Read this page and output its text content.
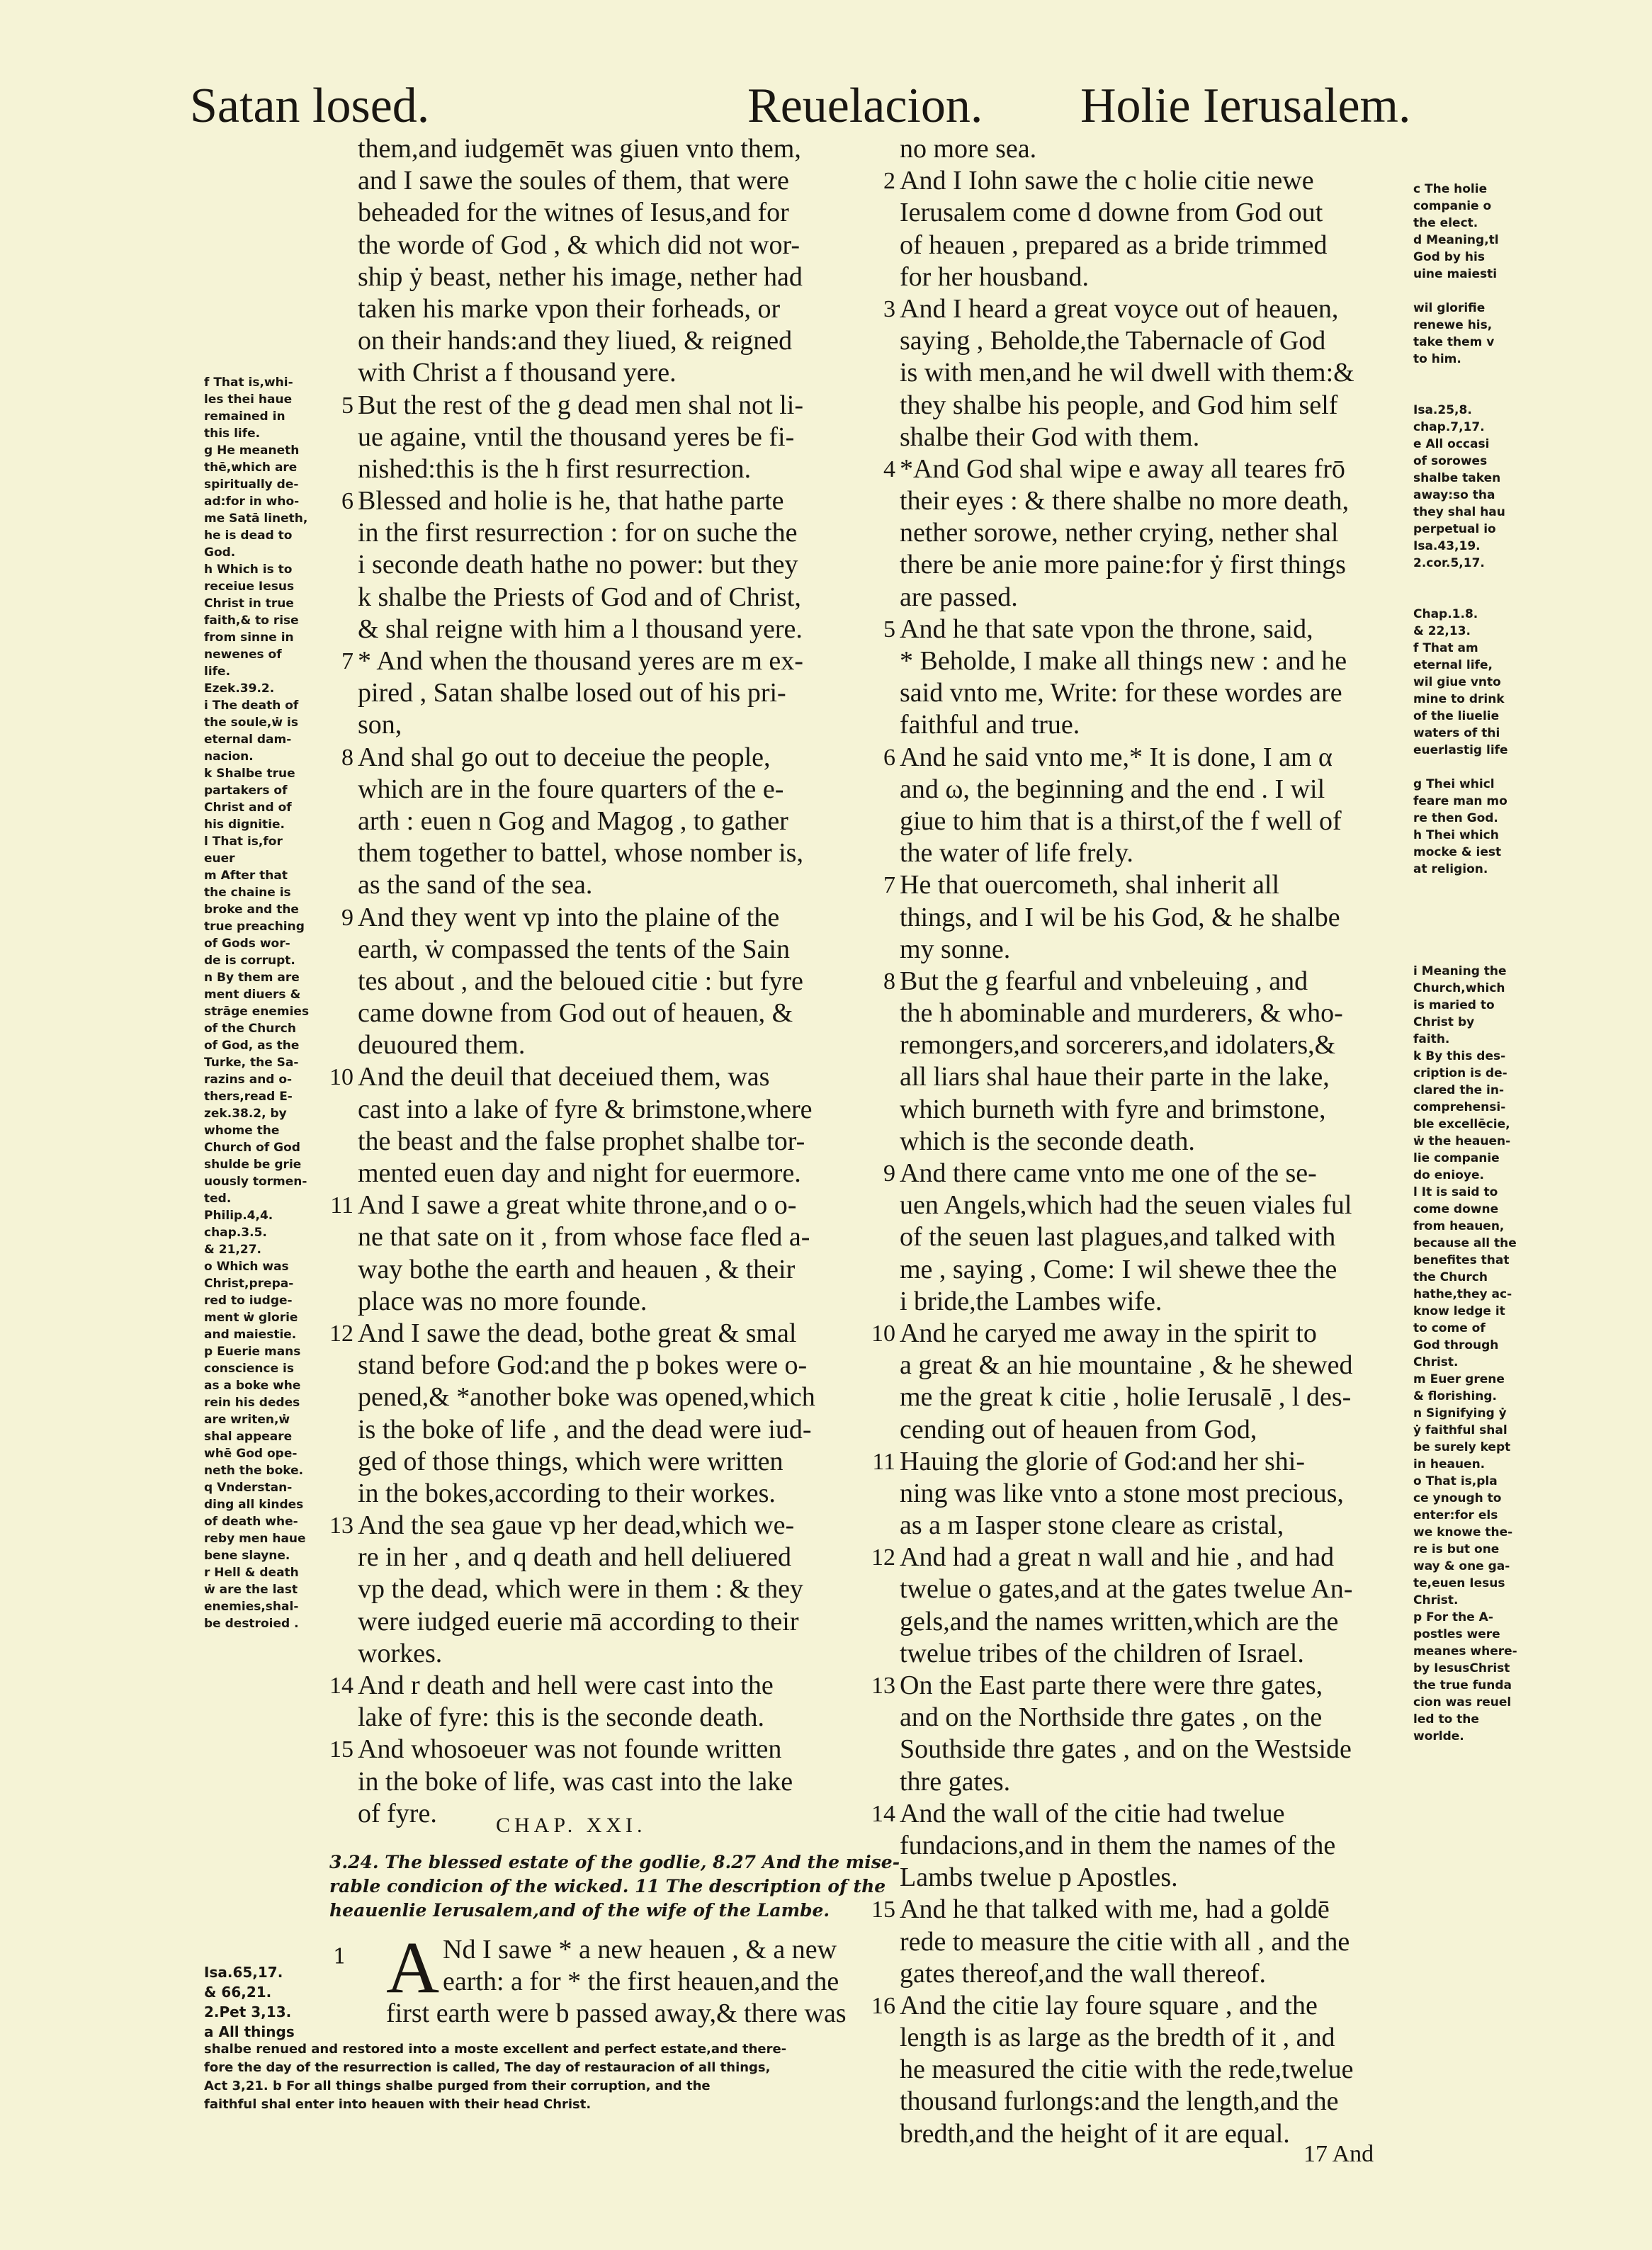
Satan losed.	Reuelacion. Holie Ierusalem.
f That is,whi-
les thei haue
remained in
this life.
g He meaneth
thē,which are
spiritually de-
ad:for in who-
me Satā lineth,
he is dead to
God.
h Which is to
receiue Iesus
Christ in true
faith,& to rise
from sinne in
newenes of
life.
Ezek.39.2.
i The death of
the soule,ẇ is
eternal dam-
nacion.
k Shalbe true
partakers of
Christ and of
his dignitie.
l That is,for
euer
m After that
the chaine is
broke and the
true preaching
of Gods wor-
de is corrupt.
n By them are
ment diuers &
strāge enemies
of the Church
of God, as the
Turke, the Sa-
razins and o-
thers,read E-
zek.38.2, by
whome the
Church of God
shulde be grie
uously tormen-
ted.
Philip.4,4.
chap.3.5.
& 21,27.
o Which was
Christ,prepa-
red to iudge-
ment ẇ glorie
and maiestie.
p Euerie mans
conscience is
as a boke whe
rein his dedes
are writen,ẇ
shal appeare
whē God ope-
neth the boke.
q Vnderstan-
ding all kindes
of death whe-
reby men haue
bene slayne.
r Hell & death
ẇ are the last
enemies,shal-
be destroied .
them,and iudgemēt was giuen vnto them,
and I sawe the soules of them, that were
beheaded for the witnes of Iesus,and for
the worde of God , & which did not wor-
ship ẏ beast, nether his image, nether had
taken his marke vpon their forheads, or
on their hands:and they liued, & reigned
with Christ a f thousand yere.
5 But the rest of the g dead men shal not li-
ue againe, vntil the thousand yeres be fi-
nished:this is the h first resurrection.
6 Blessed and holie is he, that hathe parte
in the first resurrection : for on suche the
i seconde death hathe no power: but they
k shalbe the Priests of God and of Christ,
& shal reigne with him a l thousand yere.
7 * And when the thousand yeres are m ex-
pired , Satan shalbe losed out of his pri-
son,
8 And shal go out to deceiue the people,
which are in the foure quarters of the e-
arth : euen n Gog and Magog , to gather
them together to battel, whose nomber is,
as the sand of the sea.
9 And they went vp into the plaine of the
earth, ẇ compassed the tents of the Sain
tes about , and the beloued citie : but fyre
came downe from God out of heauen, &
deuoured them.
10 And the deuil that deceiued them, was
cast into a lake of fyre & brimstone,where
the beast and the false prophet shalbe tor-
mented euen day and night for euermore.
11 And I sawe a great white throne,and o o-
ne that sate on it , from whose face fled a-
way bothe the earth and heauen , & their
place was no more founde.
12 And I sawe the dead, bothe great & smal
stand before God:and the p bokes were o-
pened,& *another boke was opened,which
is the boke of life , and the dead were iud-
ged of those things, which were written
in the bokes,according to their workes.
13 And the sea gaue vp her dead,which we-
re in her , and q death and hell deliuered
vp the dead, which were in them : & they
were iudged euerie mā according to their
workes.
14 And r death and hell were cast into the
lake of fyre: this is the seconde death.
15 And whosoeuer was not founde written
in the boke of life, was cast into the lake
of fyre.
no more sea.
2 And I Iohn sawe the c holie citie newe
Ierusalem come d downe from God out
of heauen , prepared as a bride trimmed
for her housband.
3 And I heard a great voyce out of heauen,
saying , Beholde,the Tabernacle of God
is with men,and he wil dwell with them:&
they shalbe his people, and God him self
shalbe their God with them.
4 *And God shal wipe e away all teares frō
their eyes : & there shalbe no more death,
nether sorowe, nether crying, nether shal
there be anie more paine:for ẏ first things
are passed.
5 And he that sate vpon the throne, said,
* Beholde, I make all things new : and he
said vnto me, Write: for these wordes are
faithful and true.
6 And he said vnto me,* It is done, I am α
and ω, the beginning and the end . I wil
giue to him that is a thirst,of the f well of
the water of life frely.
7 He that ouercometh, shal inherit all
things, and I wil be his God, & he shalbe
my sonne.
8 But the g fearful and vnbeleuing , and
the h abominable and murderers, & who-
remongers,and sorcerers,and idolaters,&
all liars shal haue their parte in the lake,
which burneth with fyre and brimstone,
which is the seconde death.
9 And there came vnto me one of the se-
uen Angels,which had the seuen viales ful
of the seuen last plagues,and talked with
me , saying , Come: I wil shewe thee the
i bride,the Lambes wife.
10 And he caryed me away in the spirit to
a great & an hie mountaine , & he shewed
me the great k citie , holie Ierusalē , l des-
cending out of heauen from God,
11 Hauing the glorie of God:and her shi-
ning was like vnto a stone most precious,
as a m Iasper stone cleare as cristal,
12 And had a great n wall and hie , and had
twelue o gates,and at the gates twelue An-
gels,and the names written,which are the
twelue tribes of the children of Israel.
13 On the East parte there were thre gates,
and on the Northside thre gates , on the
Southside thre gates , and on the Westside
thre gates.
14 And the wall of the citie had twelue
fundacions,and in them the names of the
Lambs twelue p Apostles.
15 And he that talked with me, had a goldē
rede to measure the citie with all , and the
gates thereof,and the wall thereof.
16 And the citie lay foure square , and the
length is as large as the bredth of it , and
he measured the citie with the rede,twelue
thousand furlongs:and the length,and the
bredth,and the height of it are equal.
c The holie
companie o
the elect.
d Meaning,tl
God by his
uine maiesti
wil glorifie
renewe his,
take them v
to him.
Isa.25,8.
chap.7,17.
e All occasi
of sorowes
shalbe taken
away:so tha
they shal hau
perpetual io
Isa.43,19.
2.cor.5,17.
Chap.1.8.
& 22,13.
f That am
eternal life,
wil giue vnto
mine to drink
of the liuelie
waters of thi
euerlastig life
g Thei whicl
feare man mo
re then God.
h Thei which
mocke & iest
at religion.
i Meaning the
Church,which
is maried to
Christ by
faith.
k By this des-
cription is de-
clared the in-
comprehensi-
ble excellēcie,
ẇ the heauen-
lie companie
do enioye.
l It is said to
come downe
from heauen,
because all the
benefites that
the Church
hathe,they ac-
know ledge it
to come of
God through
Christ.
m Euer grene
& florishing.
n Signifying ẏ
ẏ faithful shal
be surely kept
in heauen.
o That is,pla
ce ynough to
enter:for els
we knowe the-
re is but one
way & one ga-
te,euen Iesus
Christ.
p For the A-
postles were
meanes where-
by IesusChrist
the true funda
cion was reuel
led to the
worlde.
CHAP. XXI.
3.24. The blessed estate of the godlie, 8.27 And the mise-
rable condicion of the wicked. 11 The description of the
heauenlie Ierusalem,and of the wife of the Lambe.
Isa.65,17.
& 66,21.
2.Pet 3,13.
a All things
A Nd I sawe * a new heauen , & a new
earth: a for * the first heauen,and the
first earth were b passed away,& there was
1
shalbe renued and restored into a moste excellent and perfect estate,and there-
fore the day of the resurrection is called, The day of restauracion of all things,
Act 3,21. b For all things shalbe purged from their corruption, and the
faithful shal enter into heauen with their head Christ.
17 And
